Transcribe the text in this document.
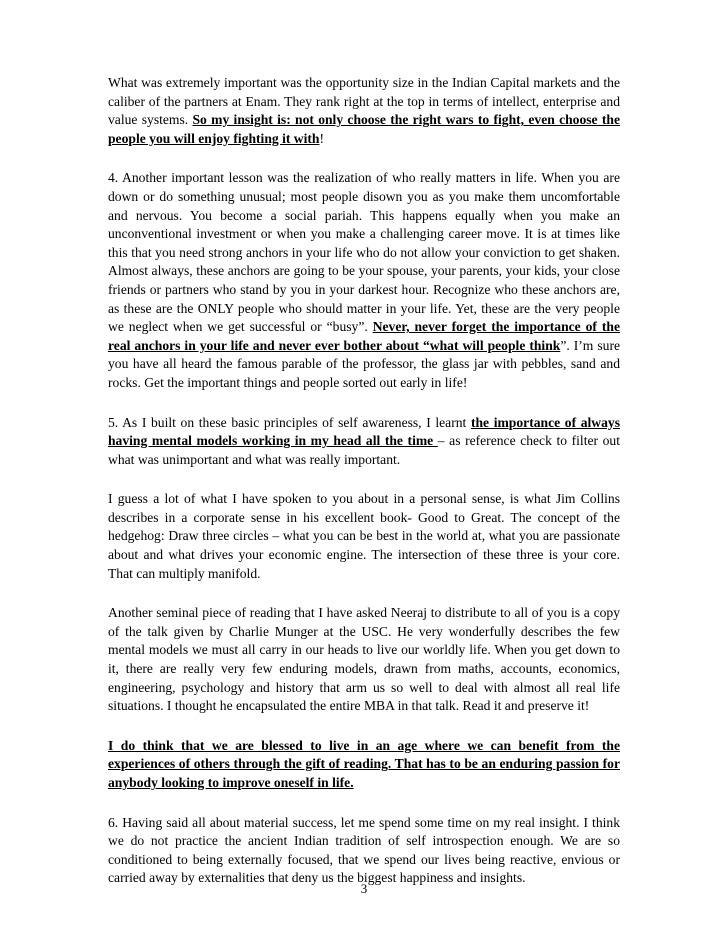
What was extremely important was the opportunity size in the Indian Capital markets and the caliber of the partners at Enam. They rank right at the top in terms of intellect, enterprise and value systems. So my insight is: not only choose the right wars to fight, even choose the people you will enjoy fighting it with!

4. Another important lesson was the realization of who really matters in life. When you are down or do something unusual; most people disown you as you make them uncomfortable and nervous. You become a social pariah. This happens equally when you make an unconventional investment or when you make a challenging career move. It is at times like this that you need strong anchors in your life who do not allow your conviction to get shaken. Almost always, these anchors are going to be your spouse, your parents, your kids, your close friends or partners who stand by you in your darkest hour. Recognize who these anchors are, as these are the ONLY people who should matter in your life. Yet, these are the very people we neglect when we get successful or “busy”. Never, never forget the importance of the real anchors in your life and never ever bother about “what will people think”. I’m sure you have all heard the famous parable of the professor, the glass jar with pebbles, sand and rocks. Get the important things and people sorted out early in life!

5. As I built on these basic principles of self awareness, I learnt the importance of always having mental models working in my head all the time – as reference check to filter out what was unimportant and what was really important.

I guess a lot of what I have spoken to you about in a personal sense, is what Jim Collins describes in a corporate sense in his excellent book- Good to Great. The concept of the hedgehog: Draw three circles – what you can be best in the world at, what you are passionate about and what drives your economic engine. The intersection of these three is your core. That can multiply manifold.

Another seminal piece of reading that I have asked Neeraj to distribute to all of you is a copy of the talk given by Charlie Munger at the USC. He very wonderfully describes the few mental models we must all carry in our heads to live our worldly life. When you get down to it, there are really very few enduring models, drawn from maths, accounts, economics, engineering, psychology and history that arm us so well to deal with almost all real life situations. I thought he encapsulated the entire MBA in that talk. Read it and preserve it!

I do think that we are blessed to live in an age where we can benefit from the experiences of others through the gift of reading. That has to be an enduring passion for anybody looking to improve oneself in life.

6. Having said all about material success, let me spend some time on my real insight. I think we do not practice the ancient Indian tradition of self introspection enough. We are so conditioned to being externally focused, that we spend our lives being reactive, envious or carried away by externalities that deny us the biggest happiness and insights.

3
